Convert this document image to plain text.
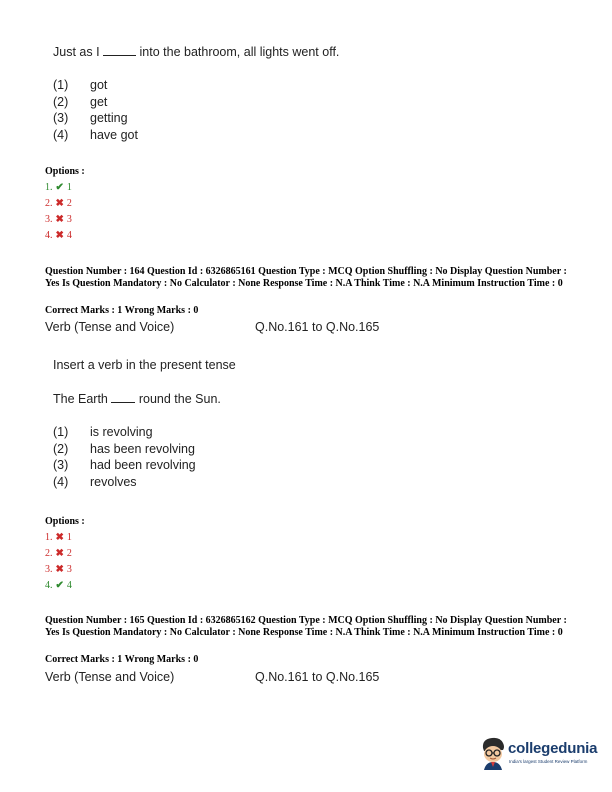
Just as I	into the bathroom, all lights went off.
(1) got
(2) get
(3) getting
(4) have got
Options :
1. ✔ 1
2. ✖ 2
3. ✖ 3
4. ✖ 4
Question Number : 164 Question Id : 6326865161 Question Type : MCQ Option Shuffling : No Display Question Number : Yes Is Question Mandatory : No Calculator : None Response Time : N.A Think Time : N.A Minimum Instruction Time : 0
Correct Marks : 1 Wrong Marks : 0
Verb (Tense and Voice)	Q.No.161 to Q.No.165
Insert a verb in the present tense
The Earth round the Sun.
(1) is revolving
(2) has been revolving
(3) had been revolving
(4) revolves
Options :
1. ✖ 1
2. ✖ 2
3. ✖ 3
4. ✔ 4
Question Number : 165 Question Id : 6326865162 Question Type : MCQ Option Shuffling : No Display Question Number : Yes Is Question Mandatory : No Calculator : None Response Time : N.A Think Time : N.A Minimum Instruction Time : 0
Correct Marks : 1 Wrong Marks : 0
Verb (Tense and Voice)	Q.No.161 to Q.No.165
collegedunia
India's largest Student Review Platform
